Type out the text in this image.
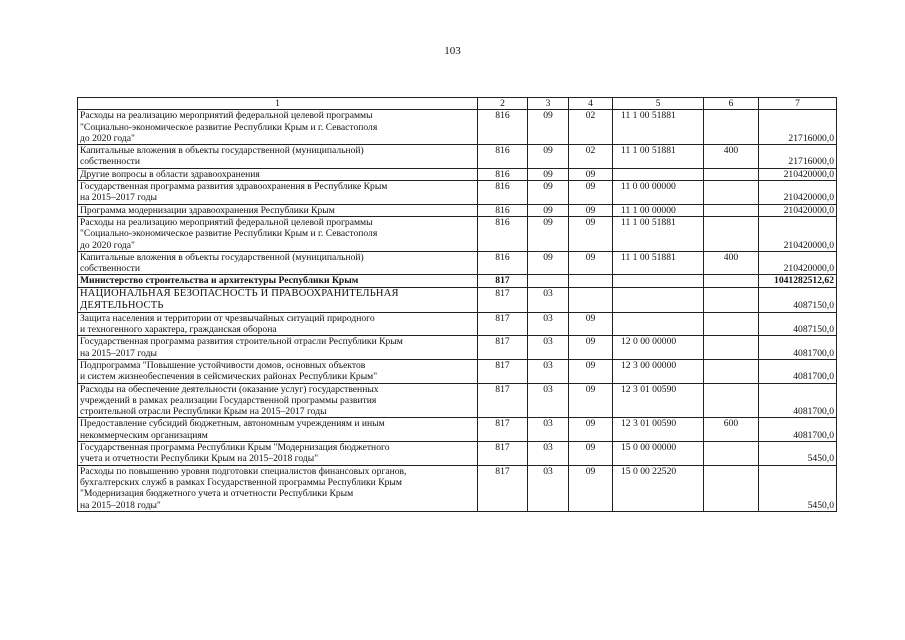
103
1	2	3	4	5	6	7
Расходы на реализацию мероприятий федеральной целевой программы
"Социально-экономическое развитие Республики Крым и г. Севастополя
до 2020 года"	816	09	02	11 1 00 51881		21716000,0
Капитальные вложения в объекты государственной (муниципальной)
собственности	816	09	02	11 1 00 51881	400	21716000,0
Другие вопросы в области здравоохранения	816	09	09			210420000,0
Государственная программа развития здравоохранения в Республике Крым
на 2015–2017 годы	816	09	09	11 0 00 00000		210420000,0
Программа модернизации здравоохранения Республики Крым	816	09	09	11 1 00 00000		210420000,0
Расходы на реализацию мероприятий федеральной целевой программы
"Социально-экономическое развитие Республики Крым и г. Севастополя
до 2020 года"	816	09	09	11 1 00 51881		210420000,0
Капитальные вложения в объекты государственной (муниципальной)
собственности	816	09	09	11 1 00 51881	400	210420000,0
Министерство строительства и архитектуры Республики Крым	817					1041282512,62
НАЦИОНАЛЬНАЯ БЕЗОПАСНОСТЬ И ПРАВООХРАНИТЕЛЬНАЯ
ДЕЯТЕЛЬНОСТЬ	817	03				4087150,0
Защита населения и территории от чрезвычайных ситуаций природного
и техногенного характера, гражданская оборона	817	03	09			4087150,0
Государственная программа развития строительной отрасли Республики Крым
на 2015–2017 годы	817	03	09	12 0 00 00000		4081700,0
Подпрограмма "Повышение устойчивости домов, основных объектов
и систем жизнеобеспечения в сейсмических районах Республики Крым"	817	03	09	12 3 00 00000		4081700,0
Расходы на обеспечение деятельности (оказание услуг) государственных
учреждений в рамках реализации Государственной программы развития
строительной отрасли Республики Крым на 2015–2017 годы	817	03	09	12 3 01 00590		4081700,0
Предоставление субсидий бюджетным, автономным учреждениям и иным
некоммерческим организациям	817	03	09	12 3 01 00590	600	4081700,0
Государственная программа Республики Крым "Модернизация бюджетного
учета и отчетности Республики Крым на 2015–2018 годы"	817	03	09	15 0 00 00000		5450,0
Расходы по повышению уровня подготовки специалистов финансовых органов,
бухгалтерских служб в рамках Государственной программы Республики Крым
"Модернизация бюджетного учета и отчетности Республики Крым
на 2015–2018 годы"	817	03	09	15 0 00 22520		5450,0
